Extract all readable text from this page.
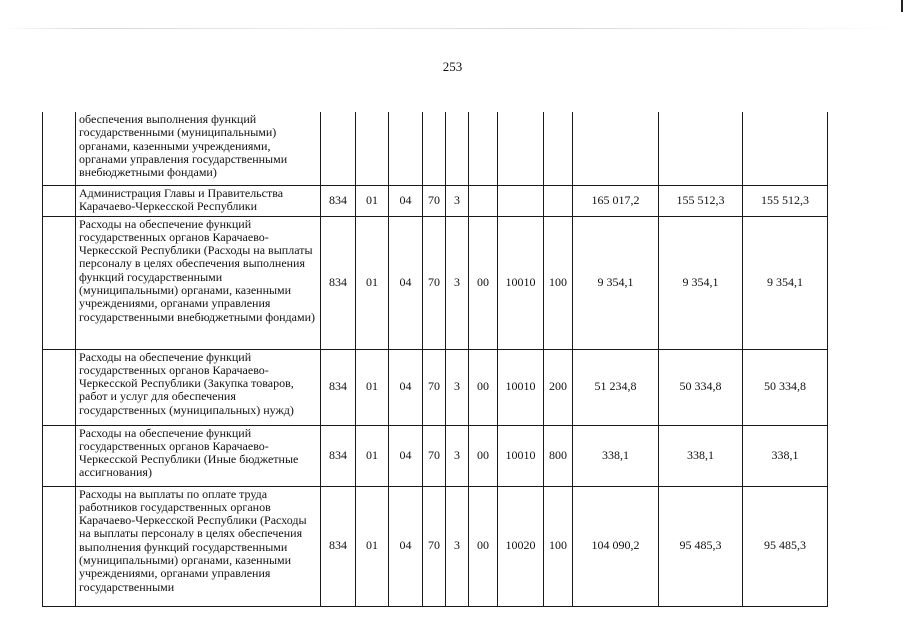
253
	обеспечения выполнения функций государственными (муниципальными) органами, казенными учреждениями, органами управления государственными внебюджетными фондами)											
	Администрация Главы и Правительства Карачаево-Черкесской Республики	834	01	04	70	3				165 017,2	155 512,3	155 512,3
	Расходы на обеспечение функций государственных органов Карачаево-Черкесской Республики (Расходы на выплаты персоналу в целях обеспечения выполнения функций государственными (муниципальными) органами, казенными учреждениями, органами управления государственными внебюджетными фондами)	834	01	04	70	3	00	10010	100	9 354,1	9 354,1	9 354,1
	Расходы на обеспечение функций государственных органов Карачаево-Черкесской Республики (Закупка товаров, работ и услуг для обеспечения государственных (муниципальных) нужд)	834	01	04	70	3	00	10010	200	51 234,8	50 334,8	50 334,8
	Расходы на обеспечение функций государственных органов Карачаево-Черкесской Республики (Иные бюджетные ассигнования)	834	01	04	70	3	00	10010	800	338,1	338,1	338,1
	Расходы на выплаты по оплате труда работников государственных органов Карачаево-Черкесской Республики (Расходы на выплаты персоналу в целях обеспечения выполнения функций государственными (муниципальными) органами, казенными учреждениями, органами управления государственными	834	01	04	70	3	00	10020	100	104 090,2	95 485,3	95 485,3
